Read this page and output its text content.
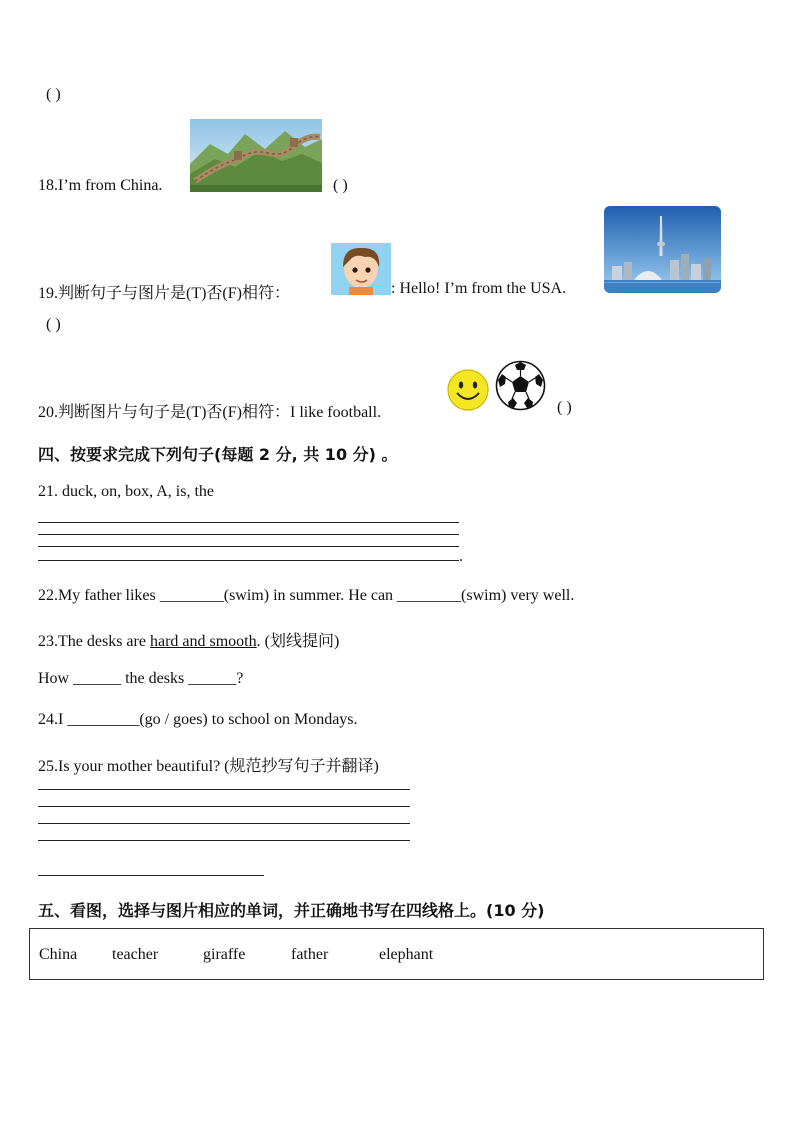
( )
18.I’m from China.	( )
19.判断句子与图片是(T)否(F)相符：	: Hello! I’m from the USA.
( )
20.判断图片与句子是(T)否(F)相符：I like football.	( )
四、按要求完成下列句子(每题 2 分, 共 10 分) 。
21. duck, on, box, A, is, the
.
22.My father likes ________(swim) in summer. He can ________(swim) very well.
23.The desks are hard and smooth. (划线提问)
How ______ the desks ______?
24.I _________(go / goes) to school on Mondays.
25.Is your mother beautiful? (规范抄写句子并翻译)
五、看图，选择与图片相应的单词，并正确地书写在四线格上。(10 分)
China teacher	giraffe	father	elephant
